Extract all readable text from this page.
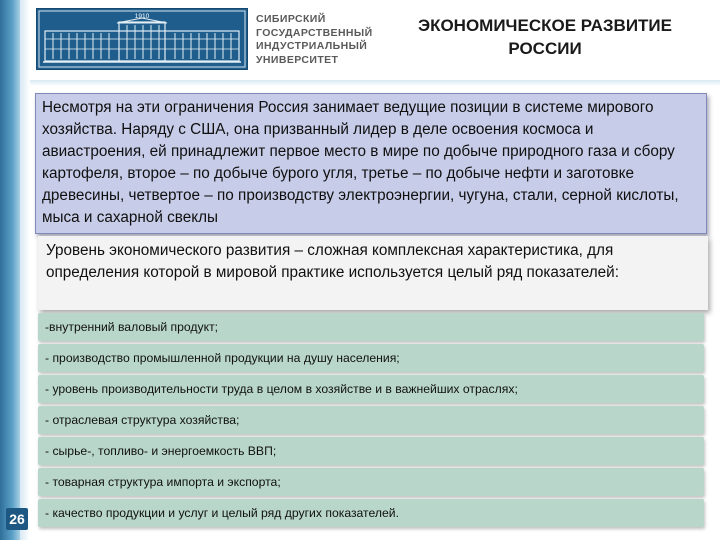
1910	СИБИРСКИЙ
ГОСУДАРСТВЕННЫЙ
ИНДУСТРИАЛЬНЫЙ
УНИВЕРСИТЕТ
ЭКОНОМИЧЕСКОЕ РАЗВИТИЕ
РОССИИ

Несмотря на эти ограничения Россия занимает ведущие позиции в системе мирового хозяйства. Наряду с США, она призванный лидер в деле освоения космоса и авиастроения, ей принадлежит первое место в мире по добыче природного газа и сбору картофеля, второе – по добыче бурого угля, третье – по добыче нефти и заготовке древесины, четвертое – по производству электроэнергии, чугуна, стали, серной кислоты, мыса и сахарной свеклы

Уровень экономического развития – сложная комплексная характеристика, для определения которой в мировой практике используется целый ряд показателей:

-внутренний валовый продукт;
- производство промышленной продукции на душу населения;
- уровень производительности труда в целом в хозяйстве и в важнейших отраслях;
- отраслевая структура хозяйства;
- сырье-, топливо- и энергоемкость ВВП;
- товарная структура импорта и экспорта;
- качество продукции и услуг и целый ряд других показателей.
26
